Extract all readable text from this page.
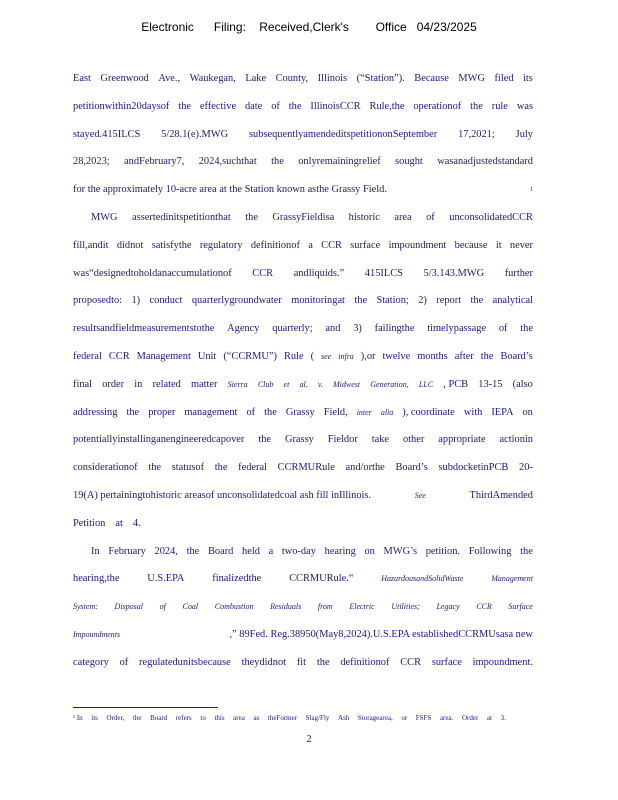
Electronic      Filing:    Received,Clerk's        Office   04/23/2025
East Greenwood Ave., Waukegan, Lake County, Illinois (“Station”). Because MWG filed its
petitionwithin20daysof the effective date of the IllinoisCCR Rule,the operationof the rule was
stayed.415ILCS 5/28.1(e).MWG subsequentlyamendeditspetitiononSeptember 17,2021; July
28,2023; andFebruary7, 2024,suchthat the onlyremainingrelief sought wasanadjustedstandard
for the approximately 10-acre area at the Station known asthe Grassy Field.	1
MWG assertedinitspetitionthat the GrassyFieldisa historic area of unconsolidatedCCR
fill,andit didnot satisfythe regulatory definitionof a CCR surface impoundment because it never
was“designedtoholdanaccumulationof CCR andliquids.” 415ILCS 5/3.143.MWG further
proposedto: 1) conduct quarterlygroundwater monitoringat the Station; 2) report the analytical
resultsandfieldmeasurementstothe Agency quarterly; and 3) failingthe timelypassage of the
federal CCR Management Unit (“CCRMU”) Rule ( see infra ),or twelve months after the Board’s
final order in related matter Sierra Club et al. v. Midwest Generation, LLC , PCB 13-15 (also
addressing the proper management of the Grassy Field, inter alia ), coordinate with IEPA on
potentiallyinstallinganengineeredcapover the Grassy Fieldor take other appropriate actionin
considerationof the statusof the federal CCRMURule and/orthe Board’s subdocketinPCB 20-
19(A) pertainingtohistoric areasof unconsolidatedcoal ash fill inIllinois.	See	ThirdAmended
Petition at 4.
In February 2024, the Board held a two-day hearing on MWG’s petition. Following the
hearing,the	U.S.EPA	finalizedthe	CCRMURule.“	HazardousandSolidWaste	Management
System: Disposal of Coal Combustion Residuals from Electric Utilities; Legacy CCR Surface
Impoundments	,” 89Fed. Reg.38950(May8,2024).U.S.EPA establishedCCRMUsasa new
category of regulatedunitsbecause theydidnot fit the definitionof CCR surface impoundment.
¹ In its Order, the Board refers to this area as theFormer Slag/Fly Ash Storagearea, or FSFS area. Order at 3.
2
